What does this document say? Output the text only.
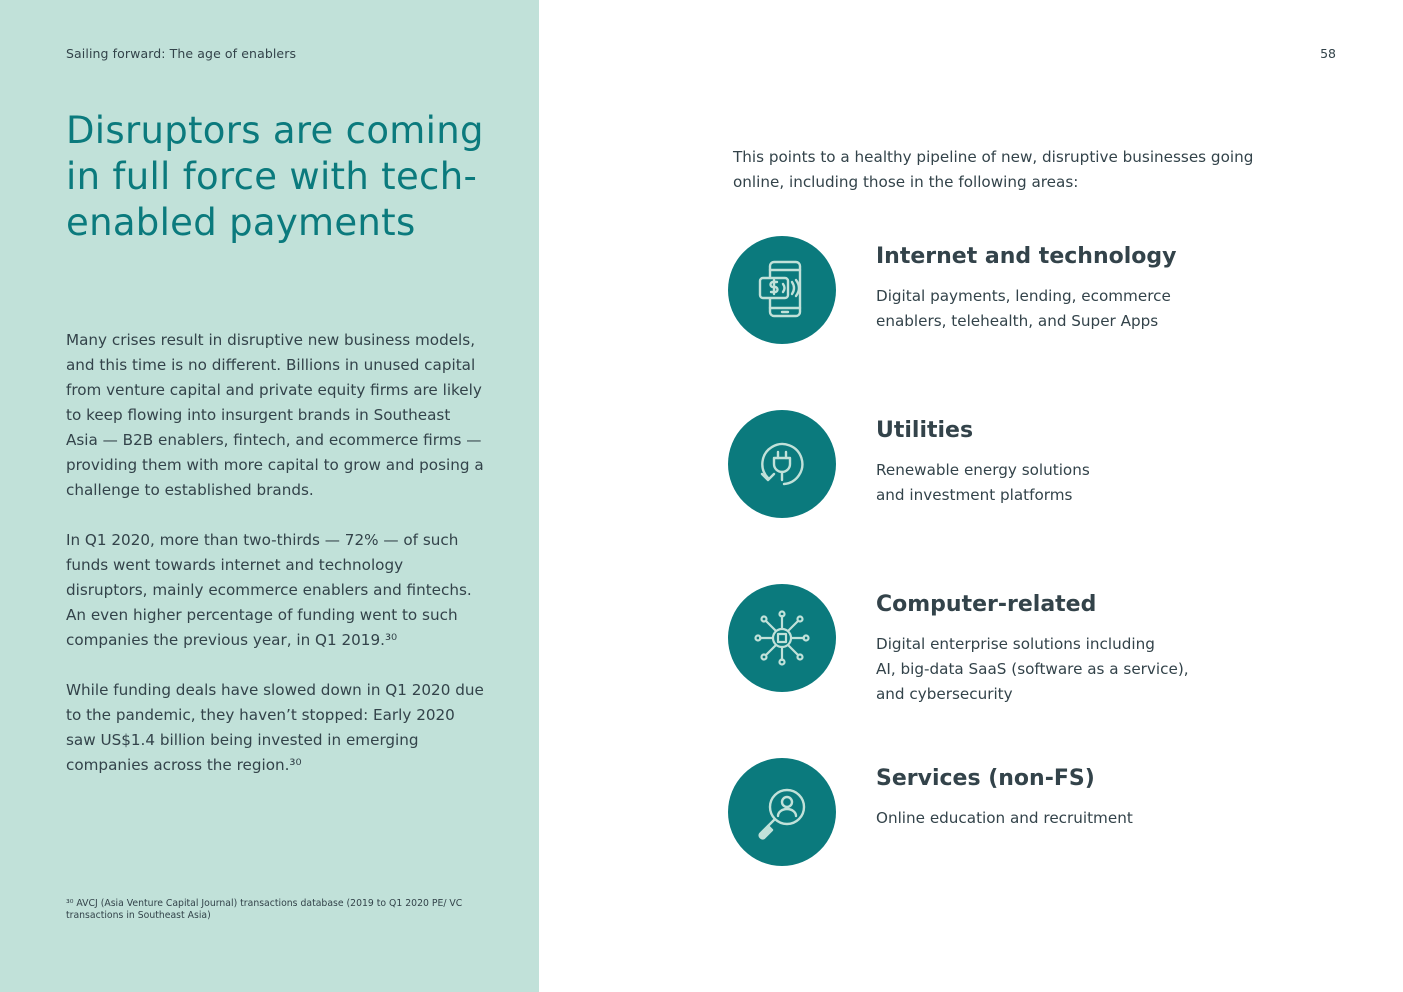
Sailing forward: The age of enablers	58
Disruptors are coming in full force with tech-enabled payments

Many crises result in disruptive new business models, and this time is no different. Billions in unused capital from venture capital and private equity firms are likely to keep flowing into insurgent brands in Southeast Asia — B2B enablers, fintech, and ecommerce firms — providing them with more capital to grow and posing a challenge to established brands.

In Q1 2020, more than two-thirds — 72% — of such funds went towards internet and technology disruptors, mainly ecommerce enablers and fintechs. An even higher percentage of funding went to such companies the previous year, in Q1 2019.³⁰

While funding deals have slowed down in Q1 2020 due to the pandemic, they haven’t stopped: Early 2020 saw US$1.4 billion being invested in emerging companies across the region.³⁰

³⁰ AVCJ (Asia Venture Capital Journal) transactions database (2019 to Q1 2020 PE/ VC transactions in Southeast Asia)

This points to a healthy pipeline of new, disruptive businesses going online, including those in the following areas:

Internet and technology

Digital payments, lending, ecommerce
enablers, telehealth, and Super Apps

Utilities

Renewable energy solutions
and investment platforms

Computer-related

Digital enterprise solutions including
AI, big-data SaaS (software as a service),
and cybersecurity

Services (non-FS)

Online education and recruitment
